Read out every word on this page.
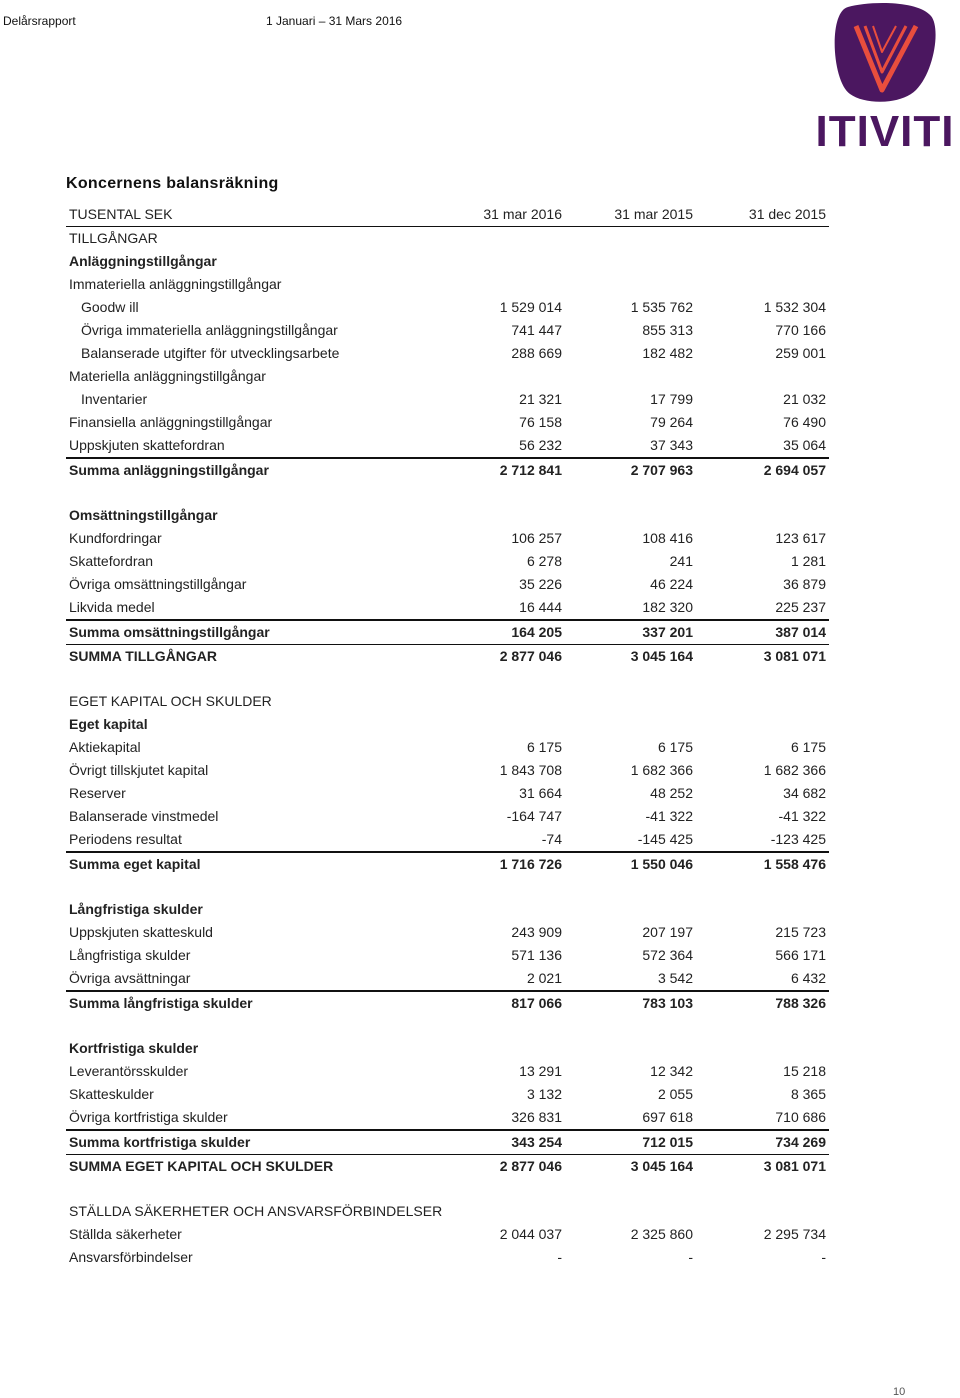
Delårsrapport	1 Januari – 31 Mars 2016
ITIVITI
Koncernens balansräkning
TUSENTAL SEK	31 mar 2016	31 mar 2015	31 dec 2015
TILLGÅNGAR
Anläggningstillgångar
Immateriella anläggningstillgångar
Goodw ill	1 529 014	1 535 762	1 532 304
Övriga immateriella anläggningstillgångar	741 447	855 313	770 166
Balanserade utgifter för utvecklingsarbete	288 669	182 482	259 001
Materiella anläggningstillgångar
Inventarier	21 321	17 799	21 032
Finansiella anläggningstillgångar	76 158	79 264	76 490
Uppskjuten skattefordran	56 232	37 343	35 064
Summa anläggningstillgångar	2 712 841	2 707 963	2 694 057
Omsättningstillgångar
Kundfordringar	106 257	108 416	123 617
Skattefordran	6 278	241	1 281
Övriga omsättningstillgångar	35 226	46 224	36 879
Likvida medel	16 444	182 320	225 237
Summa omsättningstillgångar	164 205	337 201	387 014
SUMMA TILLGÅNGAR	2 877 046	3 045 164	3 081 071
EGET KAPITAL OCH SKULDER
Eget kapital
Aktiekapital	6 175	6 175	6 175
Övrigt tillskjutet kapital	1 843 708	1 682 366	1 682 366
Reserver	31 664	48 252	34 682
Balanserade vinstmedel	-164 747	-41 322	-41 322
Periodens resultat	-74	-145 425	-123 425
Summa eget kapital	1 716 726	1 550 046	1 558 476
Långfristiga skulder
Uppskjuten skatteskuld	243 909	207 197	215 723
Långfristiga skulder	571 136	572 364	566 171
Övriga avsättningar	2 021	3 542	6 432
Summa långfristiga skulder	817 066	783 103	788 326
Kortfristiga skulder
Leverantörsskulder	13 291	12 342	15 218
Skatteskulder	3 132	2 055	8 365
Övriga kortfristiga skulder	326 831	697 618	710 686
Summa kortfristiga skulder	343 254	712 015	734 269
SUMMA EGET KAPITAL OCH SKULDER	2 877 046	3 045 164	3 081 071
STÄLLDA SÄKERHETER OCH ANSVARSFÖRBINDELSER
Ställda säkerheter	2 044 037	2 325 860	2 295 734
Ansvarsförbindelser	-	-	-
10
